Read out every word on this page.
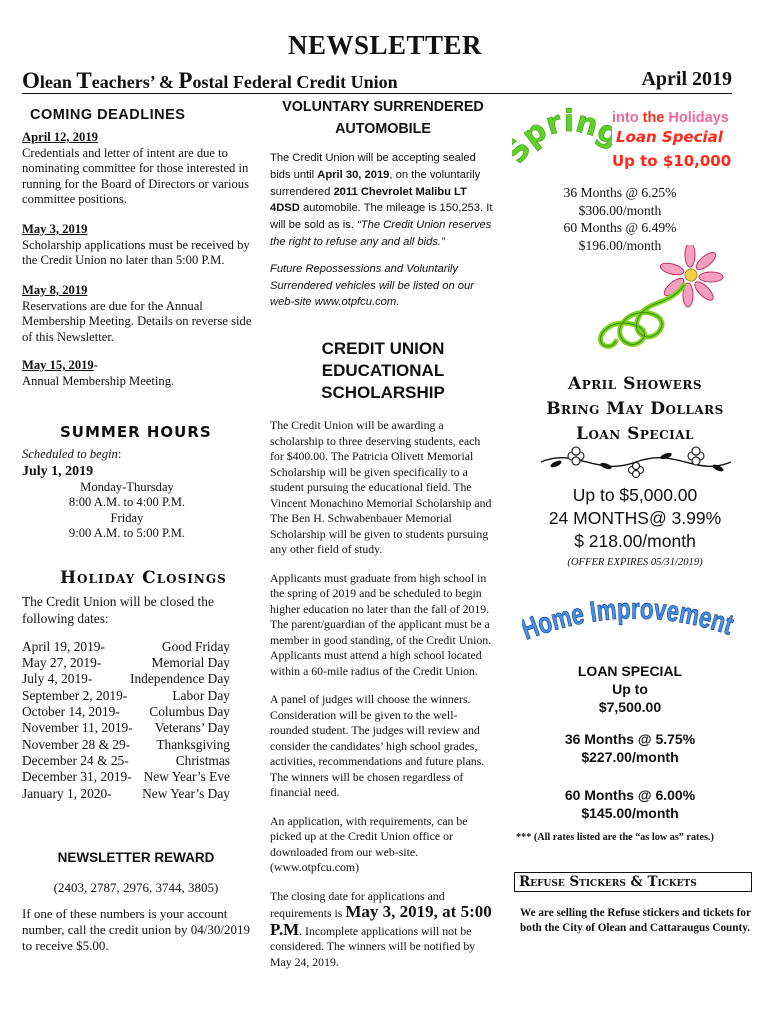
NEWSLETTER
Olean Teachers’ & Postal Federal Credit Union	April 2019
COMING DEADLINES
April 12, 2019
Credentials and letter of intent are due to nominating committee for those interested in running for the Board of Directors or various committee positions.
May 3, 2019
Scholarship applications must be received by the Credit Union no later than 5:00 P.M.
May 8, 2019
Reservations are due for the Annual Membership Meeting. Details on reverse side of this Newsletter.
May 15, 2019-
Annual Membership Meeting.
SUMMER HOURS
Scheduled to begin:
July 1, 2019
Monday-Thursday
8:00 A.M. to 4:00 P.M.
Friday
9:00 A.M. to 5:00 P.M.
Holiday Closings
The Credit Union will be closed the following dates:
April 19, 2019-	Good Friday
May 27, 2019-	Memorial Day
July 4, 2019-	Independence Day
September 2, 2019-	Labor Day
October 14, 2019- Columbus Day
November 11, 2019- Veterans’ Day
November 28 & 29- Thanksgiving
December 24 & 25-	Christmas
December 31, 2019- New Year’s Eve
January 1, 2020- New Year’s Day
NEWSLETTER REWARD
(2403, 2787, 2976, 3744, 3805)
If one of these numbers is your account number, call the credit union by 04/30/2019 to receive $5.00.
VOLUNTARY SURRENDERED
AUTOMOBILE
The Credit Union will be accepting sealed bids until April 30, 2019, on the voluntarily surrendered 2011 Chevrolet Malibu LT 4DSD automobile. The mileage is 150,253. It will be sold as is. “The Credit Union reserves the right to refuse any and all bids.”
Future Repossessions and Voluntarily Surrendered vehicles will be listed on our web-site www.otpfcu.com.
CREDIT UNION
EDUCATIONAL
SCHOLARSHIP
The Credit Union will be awarding a scholarship to three deserving students, each for $400.00. The Patricia Olivett Memorial Scholarship will be given specifically to a student pursuing the educational field. The Vincent Monachino Memorial Scholarship and The Ben H. Schwabenbauer Memorial Scholarship will be given to students pursuing any other field of study.
Applicants must graduate from high school in the spring of 2019 and be scheduled to begin higher education no later than the fall of 2019. The parent/guardian of the applicant must be a member in good standing, of the Credit Union. Applicants must attend a high school located within a 60-mile radius of the Credit Union.
A panel of judges will choose the winners. Consideration will be given to the well-rounded student. The judges will review and consider the candidates’ high school grades, activities, recommendations and future plans. The winners will be chosen regardless of financial need.
An application, with requirements, can be picked up at the Credit Union office or downloaded from our web-site. (www.otpfcu.com)
The closing date for applications and requirements is May 3, 2019, at 5:00 P.M. Incomplete applications will not be considered. The winners will be notified by May 24, 2019.
prin into the Holidays
Loan Special
Up to $10,000
36 Months @ 6.25%
$306.00/month
60 Months @ 6.49%
$196.00/month
April Showers
Bring May Dollars
Loan Special
Up to $5,000.00
24 MONTHS@ 3.99%
$ 218.00/month
(OFFER EXPIRES 05/31/2019)
ome Improvement
LOAN SPECIAL
Up to
$7,500.00
36 Months @ 5.75%
$227.00/month
60 Months @ 6.00%
$145.00/month
*** (All rates listed are the “as low as” rates.)
Refuse Stickers & Tickets
We are selling the Refuse stickers and tickets for both the City of Olean and Cattaraugus County.
